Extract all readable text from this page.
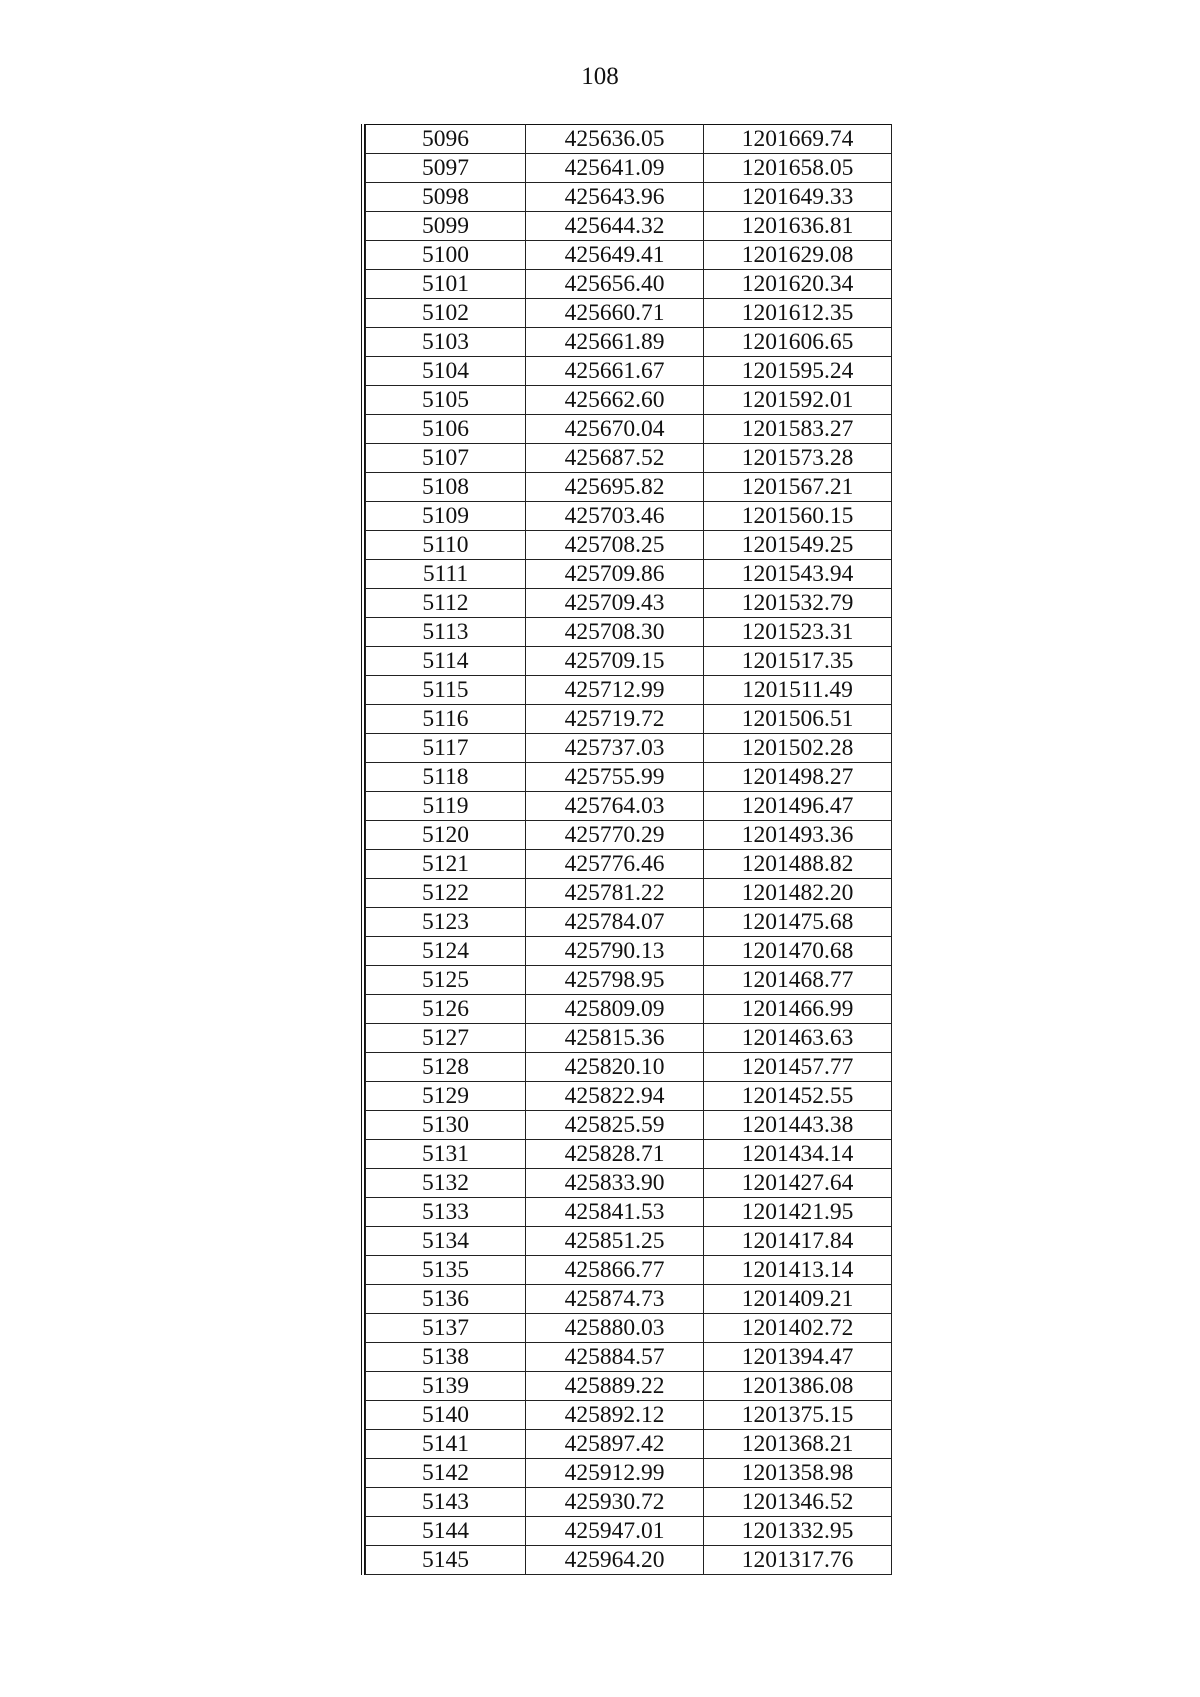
108
5096	425636.05	1201669.74
5097	425641.09	1201658.05
5098	425643.96	1201649.33
5099	425644.32	1201636.81
5100	425649.41	1201629.08
5101	425656.40	1201620.34
5102	425660.71	1201612.35
5103	425661.89	1201606.65
5104	425661.67	1201595.24
5105	425662.60	1201592.01
5106	425670.04	1201583.27
5107	425687.52	1201573.28
5108	425695.82	1201567.21
5109	425703.46	1201560.15
5110	425708.25	1201549.25
5111	425709.86	1201543.94
5112	425709.43	1201532.79
5113	425708.30	1201523.31
5114	425709.15	1201517.35
5115	425712.99	1201511.49
5116	425719.72	1201506.51
5117	425737.03	1201502.28
5118	425755.99	1201498.27
5119	425764.03	1201496.47
5120	425770.29	1201493.36
5121	425776.46	1201488.82
5122	425781.22	1201482.20
5123	425784.07	1201475.68
5124	425790.13	1201470.68
5125	425798.95	1201468.77
5126	425809.09	1201466.99
5127	425815.36	1201463.63
5128	425820.10	1201457.77
5129	425822.94	1201452.55
5130	425825.59	1201443.38
5131	425828.71	1201434.14
5132	425833.90	1201427.64
5133	425841.53	1201421.95
5134	425851.25	1201417.84
5135	425866.77	1201413.14
5136	425874.73	1201409.21
5137	425880.03	1201402.72
5138	425884.57	1201394.47
5139	425889.22	1201386.08
5140	425892.12	1201375.15
5141	425897.42	1201368.21
5142	425912.99	1201358.98
5143	425930.72	1201346.52
5144	425947.01	1201332.95
5145	425964.20	1201317.76
